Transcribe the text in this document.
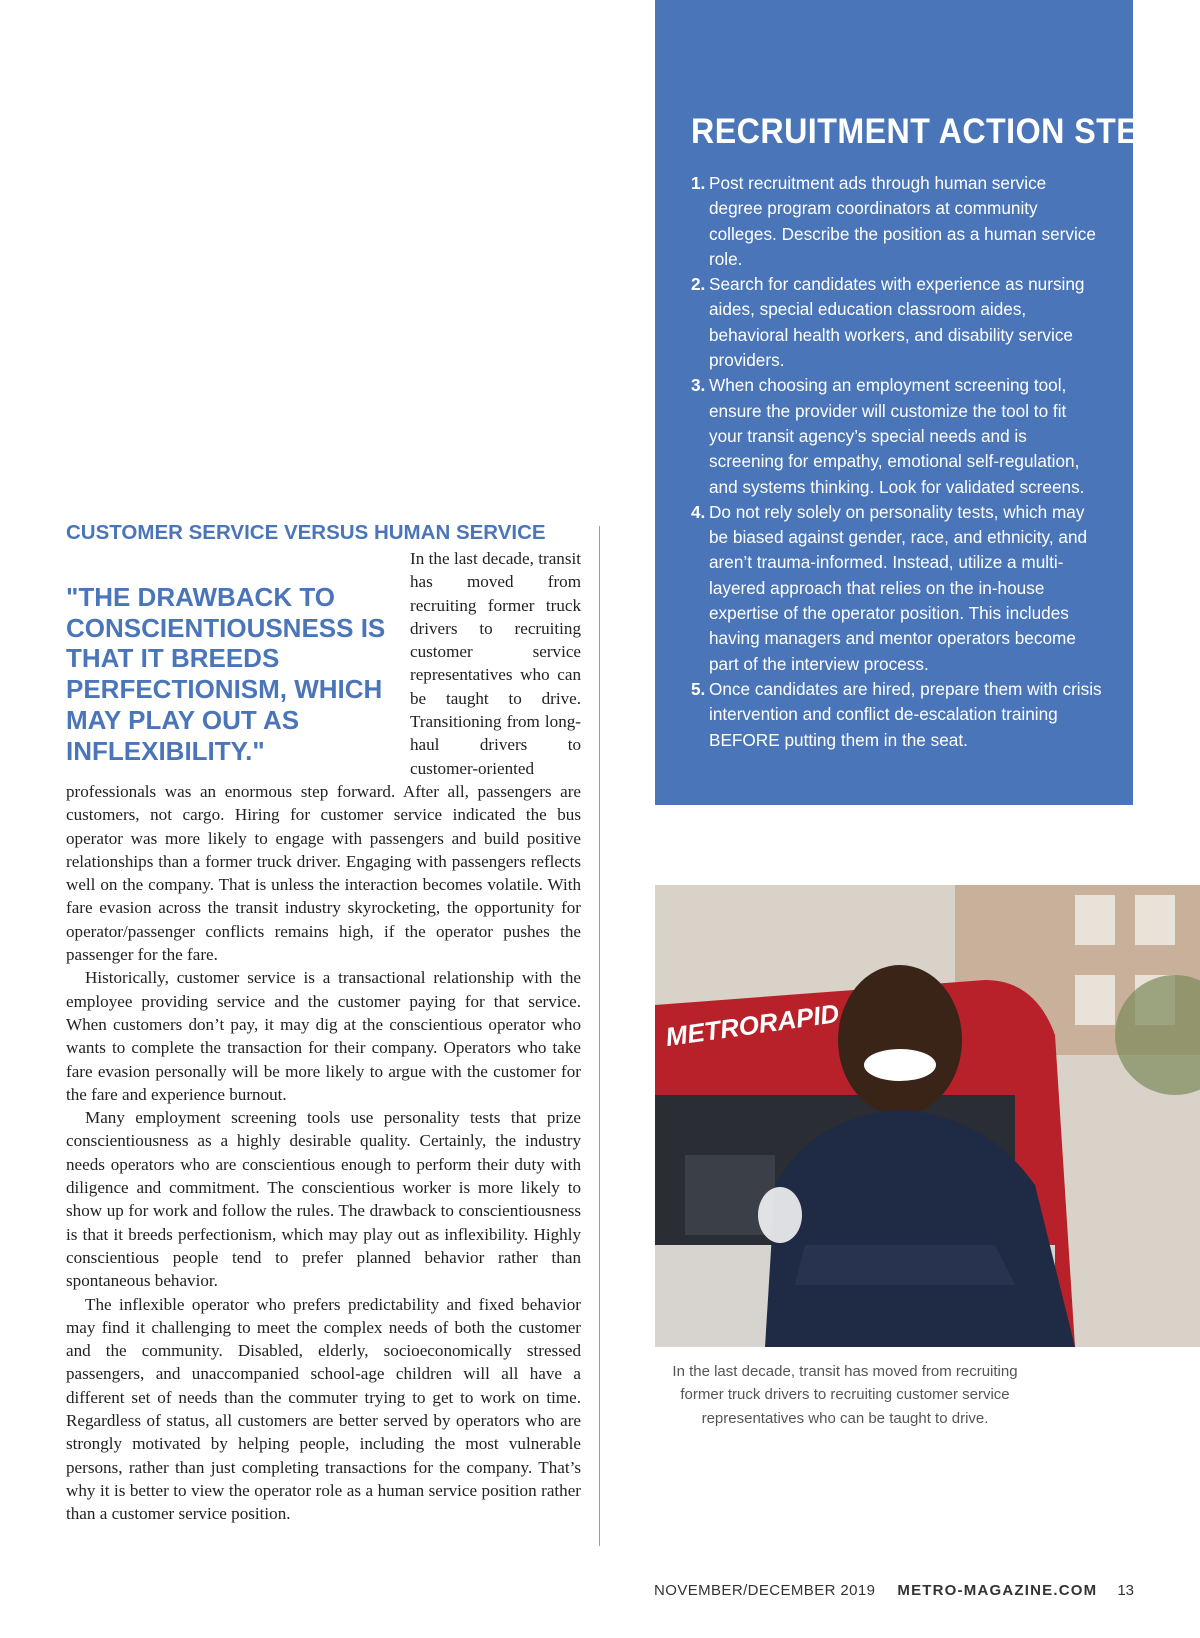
RECRUITMENT ACTION STEPS
1. Post recruitment ads through human service degree program coordinators at community colleges. Describe the position as a human service role.
2. Search for candidates with experience as nursing aides, special education classroom aides, behavioral health workers, and disability service providers.
3. When choosing an employment screening tool, ensure the provider will customize the tool to fit your transit agency’s special needs and is screening for empathy, emotional self-regulation, and systems thinking. Look for validated screens.
4. Do not rely solely on personality tests, which may be biased against gender, race, and ethnicity, and aren’t trauma-informed. Instead, utilize a multi-layered approach that relies on the in-house expertise of the operator position. This includes having managers and mentor operators become part of the interview process.
5. Once candidates are hired, prepare them with crisis intervention and conflict de-escalation training BEFORE putting them in the seat.
CUSTOMER SERVICE VERSUS HUMAN SERVICE
"THE DRAWBACK TO CONSCIENTIOUSNESS IS THAT IT BREEDS PERFECTIONISM, WHICH MAY PLAY OUT AS INFLEXIBILITY."

In the last decade, transit has moved from recruiting former truck drivers to recruiting customer service representatives who can be taught to drive. Transitioning from long-haul drivers to customer-oriented professionals was an enormous step forward. After all, passengers are customers, not cargo. Hiring for customer service indicated the bus operator was more likely to engage with passengers and build positive relationships than a former truck driver. Engaging with passengers reflects well on the company. That is unless the interaction becomes volatile. With fare evasion across the transit industry skyrocketing, the opportunity for operator/passenger conflicts remains high, if the operator pushes the passenger for the fare.

Historically, customer service is a transactional relationship with the employee providing service and the customer paying for that service. When customers don’t pay, it may dig at the conscientious operator who wants to complete the transaction for their company. Operators who take fare evasion personally will be more likely to argue with the customer for the fare and experience burnout.

Many employment screening tools use personality tests that prize conscientiousness as a highly desirable quality. Certainly, the industry needs operators who are conscientious enough to perform their duty with diligence and commitment. The conscientious worker is more likely to show up for work and follow the rules. The drawback to conscientiousness is that it breeds perfectionism, which may play out as inflexibility. Highly conscientious people tend to prefer planned behavior rather than spontaneous behavior.

The inflexible operator who prefers predictability and fixed behavior may find it challenging to meet the complex needs of both the customer and the community. Disabled, elderly, socioeconomically stressed passengers, and unaccompanied school-age children will all have a different set of needs than the commuter trying to get to work on time. Regardless of status, all customers are better served by operators who are strongly motivated by helping people, including the most vulnerable persons, rather than just completing transactions for the company. That’s why it is better to view the operator role as a human service position rather than a customer service position.

METRORAPID
In the last decade, transit has moved from recruiting former truck drivers to recruiting customer service representatives who can be taught to drive.
NOVEMBER/DECEMBER 2019 METRO-MAGAZINE.COM 13
